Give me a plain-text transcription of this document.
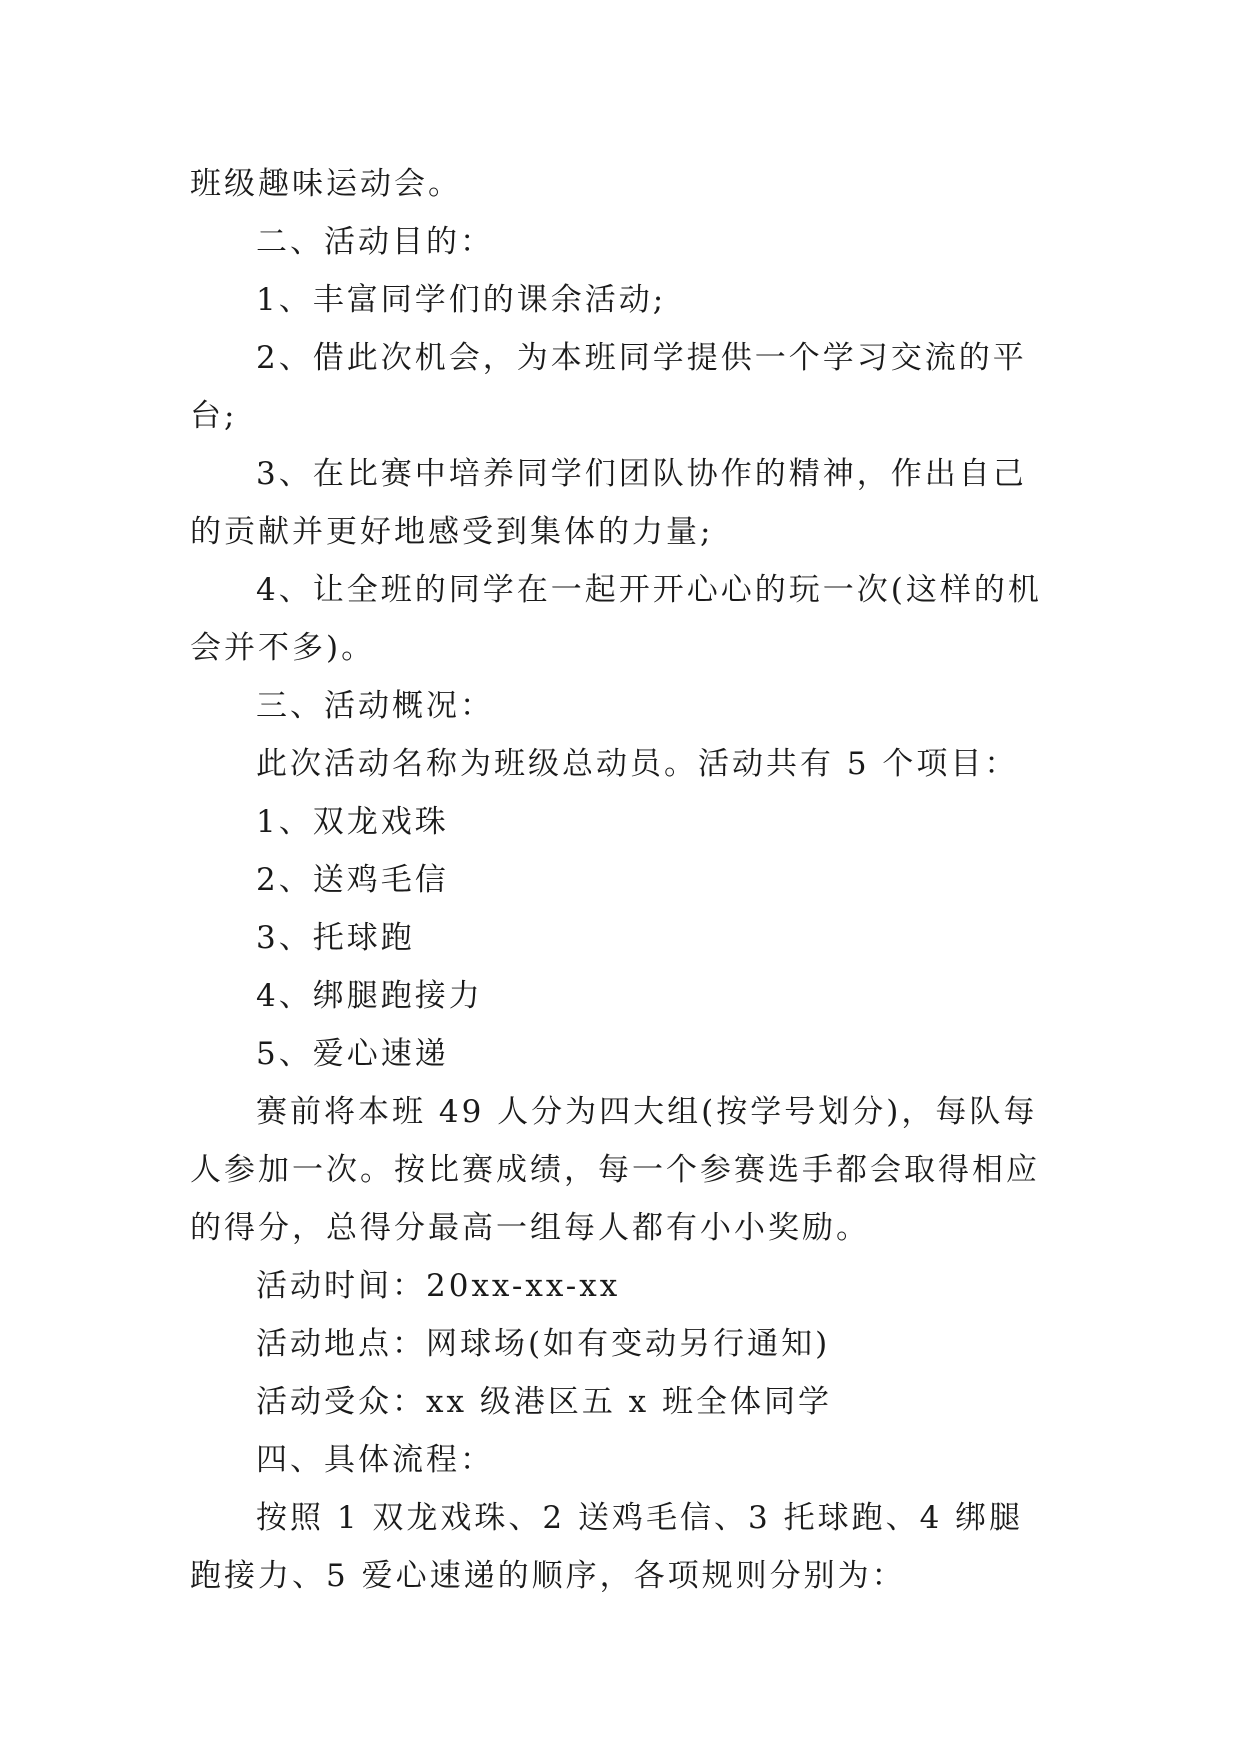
班级趣味运动会。

二、活动目的：

1、丰富同学们的课余活动;

2、借此次机会，为本班同学提供一个学习交流的平台;

3、在比赛中培养同学们团队协作的精神，作出自己的贡献并更好地感受到集体的力量;

4、让全班的同学在一起开开心心的玩一次(这样的机会并不多)。

三、活动概况：

此次活动名称为班级总动员。活动共有 5 个项目：

1、双龙戏珠

2、送鸡毛信

3、托球跑

4、绑腿跑接力

5、爱心速递

赛前将本班 49 人分为四大组(按学号划分)，每队每人参加一次。按比赛成绩，每一个参赛选手都会取得相应的得分，总得分最高一组每人都有小小奖励。

活动时间：20xx-xx-xx

活动地点：网球场(如有变动另行通知)

活动受众：xx 级港区五 x 班全体同学

四、具体流程：

按照 1 双龙戏珠、2 送鸡毛信、3 托球跑、4 绑腿跑接力、5 爱心速递的顺序，各项规则分别为：
